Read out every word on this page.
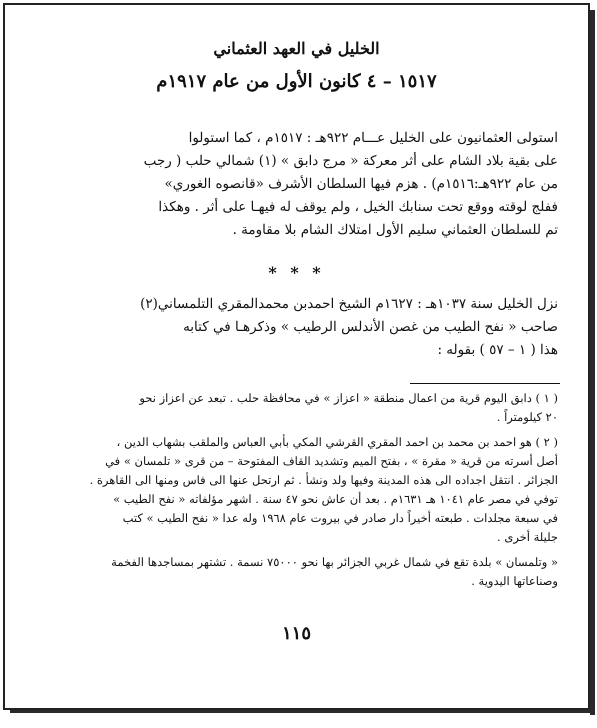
الخليل في العهد العثماني
١٥١٧ – ٤ كانون الأول من عام ١٩١٧م
استولى العثمانيون على الخليل عـــام ٩٢٢هـ : ١٥١٧م ، كما استولوا
على بقية بلاد الشام على أثر معركة « مرج دابق » (١) شمالي حلب ( رجب
من عام ٩٢٢هـ:١٥١٦م) . هزم فيها السلطان الأشرف «قانصوه الغوري»
ففلج لوقته ووقع تحت سنابك الخيل ، ولم يوقف له فيهـا على أثر . وهكذا
تم للسلطان العثماني سليم الأول امتلاك الشام بلا مقاومة .
* * *
نزل الخليل سنة ١٠٣٧هـ : ١٦٢٧م الشيخ احمدبن محمدالمقري التلمساني(٢)
صاحب « نفح الطيب من غصن الأندلس الرطيب » وذكرهـا في كتابه
هذا ( ١ – ٥٧ ) بقوله :
( ١ ) دابق اليوم قرية من اعمال منطقة « اعزاز » في محافظة حلب . تبعد عن اعزاز نحو
٢٠ كيلومتراً .
( ٢ ) هو احمد بن محمد بن احمد المقري القرشي المكي بأبي العباس والملقب بشهاب الدين ،
أصل أسرته من قرية « مقرة » ، بفتح الميم وتشديد القاف المفتوحة – من قرى « تلمسان » في
الجزائر . انتقل اجداده الى هذه المدينة وفيها ولد ونشأ . ثم ارتحل عنها الى فاس ومنها الى القاهرة .
توفي في مصر عام ١٠٤١ هـ ١٦٣١م . بعد أن عاش نحو ٤٧ سنة . اشهر مؤلفاته « نفح الطيب »
في سبعة مجلدات . طبعته أخيراً دار صادر في بيروت عام ١٩٦٨ وله عدا « نفح الطيب » كتب
جليلة أخرى .
« وتلمسان » بلدة تقع في شمال غربي الجزائر بها نحو ٧٥٠٠٠ نسمة . تشتهر بمساجدها الفخمة
وصناعاتها اليدوية .
١١٥
